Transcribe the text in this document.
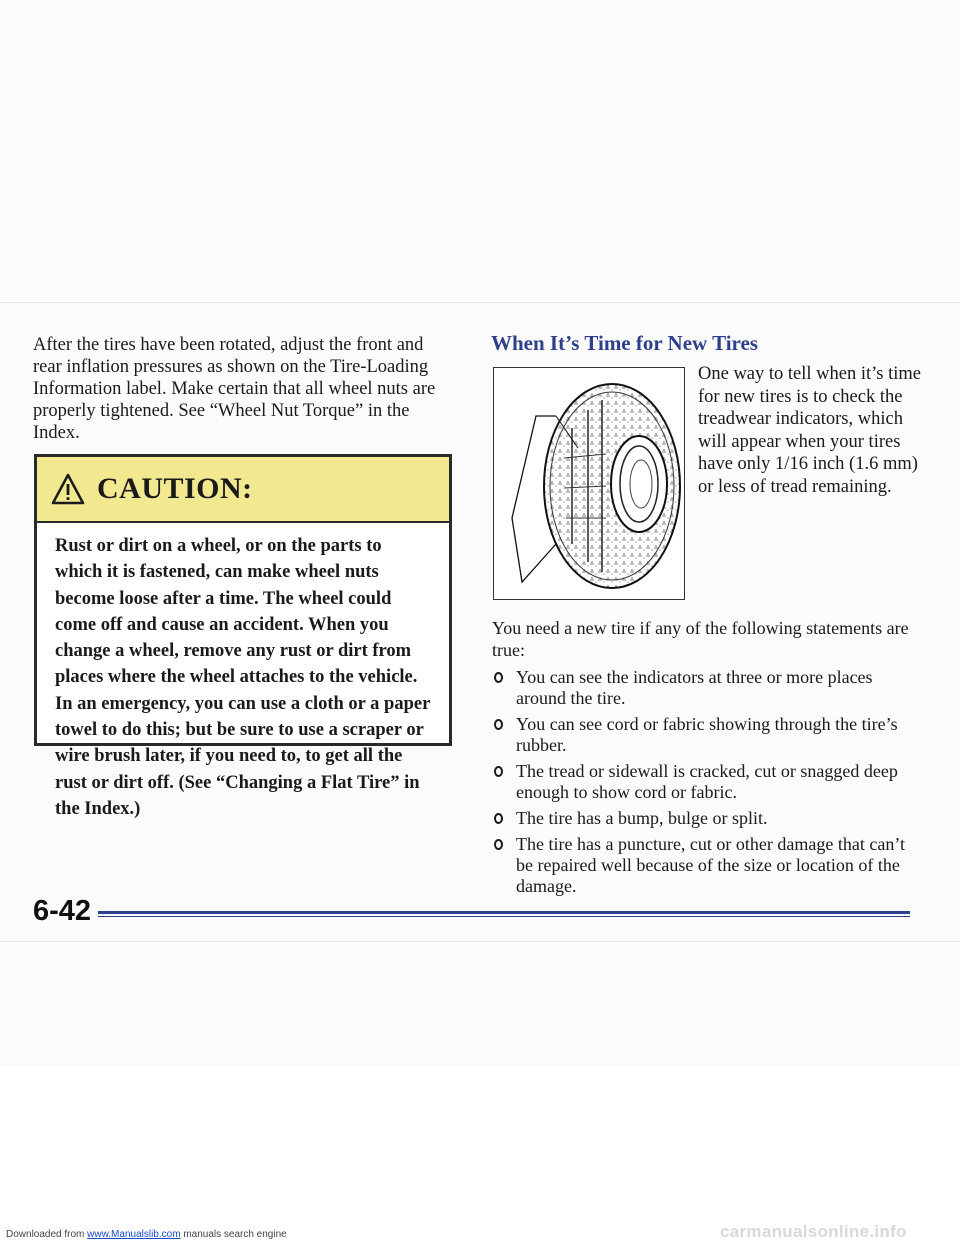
After the tires have been rotated, adjust the front and rear inflation pressures as shown on the Tire-Loading Information label. Make certain that all wheel nuts are properly tightened. See “Wheel Nut Torque” in the Index.

CAUTION:

Rust or dirt on a wheel, or on the parts to which it is fastened, can make wheel nuts become loose after a time. The wheel could come off and cause an accident. When you change a wheel, remove any rust or dirt from places where the wheel attaches to the vehicle. In an emergency, you can use a cloth or a paper towel to do this; but be sure to use a scraper or wire brush later, if you need to, to get all the rust or dirt off. (See “Changing a Flat Tire” in the Index.)

When It’s Time for New Tires

One way to tell when it’s time for new tires is to check the treadwear indicators, which will appear when your tires have only 1/16 inch (1.6 mm) or less of tread remaining.

You need a new tire if any of the following statements are true:

You can see the indicators at three or more places around the tire.
You can see cord or fabric showing through the tire’s rubber.
The tread or sidewall is cracked, cut or snagged deep enough to show cord or fabric.
The tire has a bump, bulge or split.
The tire has a puncture, cut or other damage that can’t be repaired well because of the size or location of the damage.

6-42

Downloaded from www.Manualslib.com manuals search engine	carmanualsonline.info
